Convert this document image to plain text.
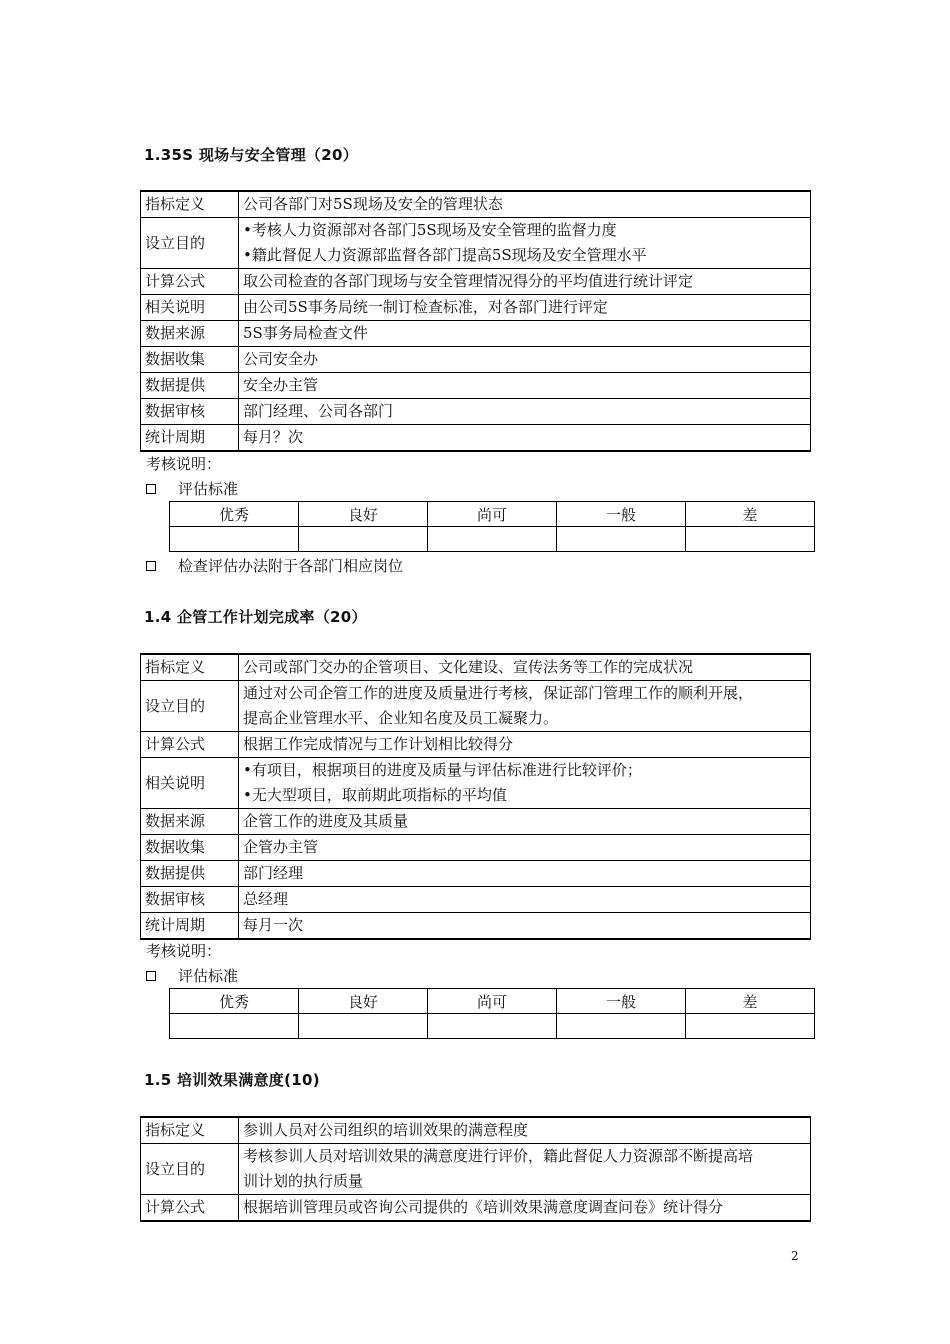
1.35S 现场与安全管理（20）
指标定义	公司各部门对5S现场及安全的管理状态
设立目的	•考核人力资源部对各部门5S现场及安全管理的监督力度
•籍此督促人力资源部监督各部门提高5S现场及安全管理水平

计算公式	取公司检查的各部门现场与安全管理情况得分的平均值进行统计评定
相关说明	由公司5S事务局统一制订检查标准，对各部门进行评定
数据来源	5S事务局检查文件
数据收集	公司安全办
数据提供	安全办主管
数据审核	部门经理、公司各部门
统计周期	每月？次
考核说明：
评估标准
优秀	良好	尚可	一般	差

检查评估办法附于各部门相应岗位
1.4 企管工作计划完成率（20）
指标定义	公司或部门交办的企管项目、文化建设、宣传法务等工作的完成状况
设立目的	通过对公司企管工作的进度及质量进行考核，保证部门管理工作的顺利开展，
提高企业管理水平、企业知名度及员工凝聚力。

计算公式	根据工作完成情况与工作计划相比较得分
相关说明	•有项目，根据项目的进度及质量与评估标准进行比较评价；
•无大型项目，取前期此项指标的平均值

数据来源	企管工作的进度及其质量
数据收集	企管办主管
数据提供	部门经理
数据审核	总经理
统计周期	每月一次
考核说明：
评估标准
优秀	良好	尚可	一般	差

1.5 培训效果满意度(10)
指标定义	参训人员对公司组织的培训效果的满意程度
设立目的	考核参训人员对培训效果的满意度进行评价，籍此督促人力资源部不断提高培
训计划的执行质量

计算公式	根据培训管理员或咨询公司提供的《培训效果满意度调查问卷》统计得分
2
